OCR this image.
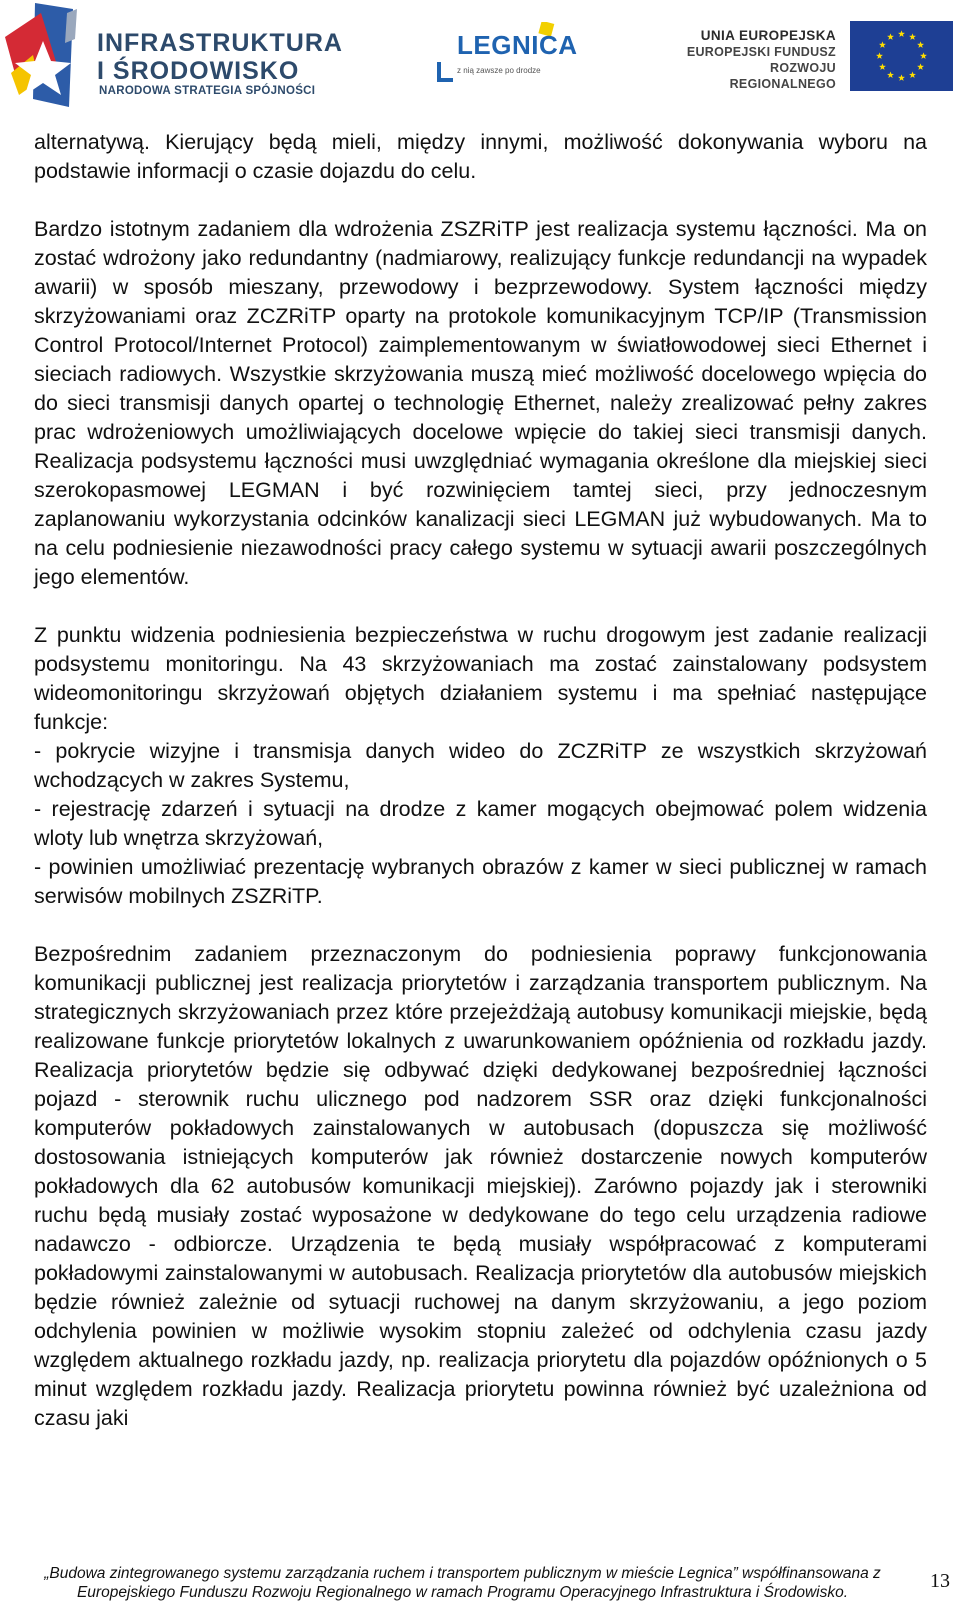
INFRASTRUKTURA
I ŚRODOWISKO
NARODOWA STRATEGIA SPÓJNOŚCI
LEGNICA
z nią zawsze po drodze
UNIA EUROPEJSKA
EUROPEJSKI FUNDUSZ
ROZWOJU REGIONALNEGO

alternatywą. Kierujący będą mieli, między innymi, możliwość dokonywania wyboru na podstawie informacji o czasie dojazdu do celu.

Bardzo istotnym zadaniem dla wdrożenia ZSZRiTP jest realizacja systemu łączności. Ma on zostać wdrożony jako redundantny (nadmiarowy, realizujący funkcje redundancji na wypadek awarii) w sposób mieszany, przewodowy i bezprzewodowy. System łączności między skrzyżowaniami oraz ZCZRiTP oparty na protokole komunikacyjnym TCP/IP (Transmission Control Protocol/Internet Protocol) zaimplementowanym w światłowodowej sieci Ethernet i sieciach radiowych. Wszystkie skrzyżowania muszą mieć możliwość docelowego wpięcia do do sieci transmisji danych opartej o technologię Ethernet, należy zrealizować pełny zakres prac wdrożeniowych umożliwiających docelowe wpięcie do takiej sieci transmisji danych. Realizacja podsystemu łączności musi uwzględniać wymagania określone dla miejskiej sieci szerokopasmowej LEGMAN i być rozwinięciem tamtej sieci, przy jednoczesnym zaplanowaniu wykorzystania odcinków kanalizacji sieci LEGMAN już wybudowanych. Ma to na celu podniesienie niezawodności pracy całego systemu w sytuacji awarii poszczególnych jego elementów.

Z punktu widzenia podniesienia bezpieczeństwa w ruchu drogowym jest zadanie realizacji podsystemu monitoringu. Na 43 skrzyżowaniach ma zostać zainstalowany podsystem wideomonitoringu skrzyżowań objętych działaniem systemu i ma spełniać następujące funkcje:
- pokrycie wizyjne i transmisja danych wideo do ZCZRiTP ze wszystkich skrzyżowań wchodzących w zakres Systemu,
- rejestrację zdarzeń i sytuacji na drodze z kamer mogących obejmować polem widzenia wloty lub wnętrza skrzyżowań,
- powinien umożliwiać prezentację wybranych obrazów z kamer w sieci publicznej w ramach serwisów mobilnych ZSZRiTP.

Bezpośrednim zadaniem przeznaczonym do podniesienia poprawy funkcjonowania komunikacji publicznej jest realizacja priorytetów i zarządzania transportem publicznym. Na strategicznych skrzyżowaniach przez które przejeżdżają autobusy komunikacji miejskie, będą realizowane funkcje priorytetów lokalnych z uwarunkowaniem opóźnienia od rozkładu jazdy. Realizacja priorytetów będzie się odbywać dzięki dedykowanej bezpośredniej łączności pojazd - sterownik ruchu ulicznego pod nadzorem SSR oraz dzięki funkcjonalności komputerów pokładowych zainstalowanych w autobusach (dopuszcza się możliwość dostosowania istniejących komputerów jak również dostarczenie nowych komputerów pokładowych dla 62 autobusów komunikacji miejskiej). Zarówno pojazdy jak i sterowniki ruchu będą musiały zostać wyposażone w dedykowane do tego celu urządzenia radiowe nadawczo - odbiorcze. Urządzenia te będą musiały współpracować z komputerami pokładowymi zainstalowanymi w autobusach. Realizacja priorytetów dla autobusów miejskich będzie również zależnie od sytuacji ruchowej na danym skrzyżowaniu, a jego poziom odchylenia powinien w możliwie wysokim stopniu zależeć od odchylenia czasu jazdy względem aktualnego rozkładu jazdy, np. realizacja priorytetu dla pojazdów opóźnionych o 5 minut względem rozkładu jazdy. Realizacja priorytetu powinna również być uzależniona od czasu jaki

„Budowa zintegrowanego systemu zarządzania ruchem i transportem publicznym w mieście Legnica” współfinansowana z
Europejskiego Funduszu Rozwoju Regionalnego w ramach Programu Operacyjnego Infrastruktura i Środowisko.
13
